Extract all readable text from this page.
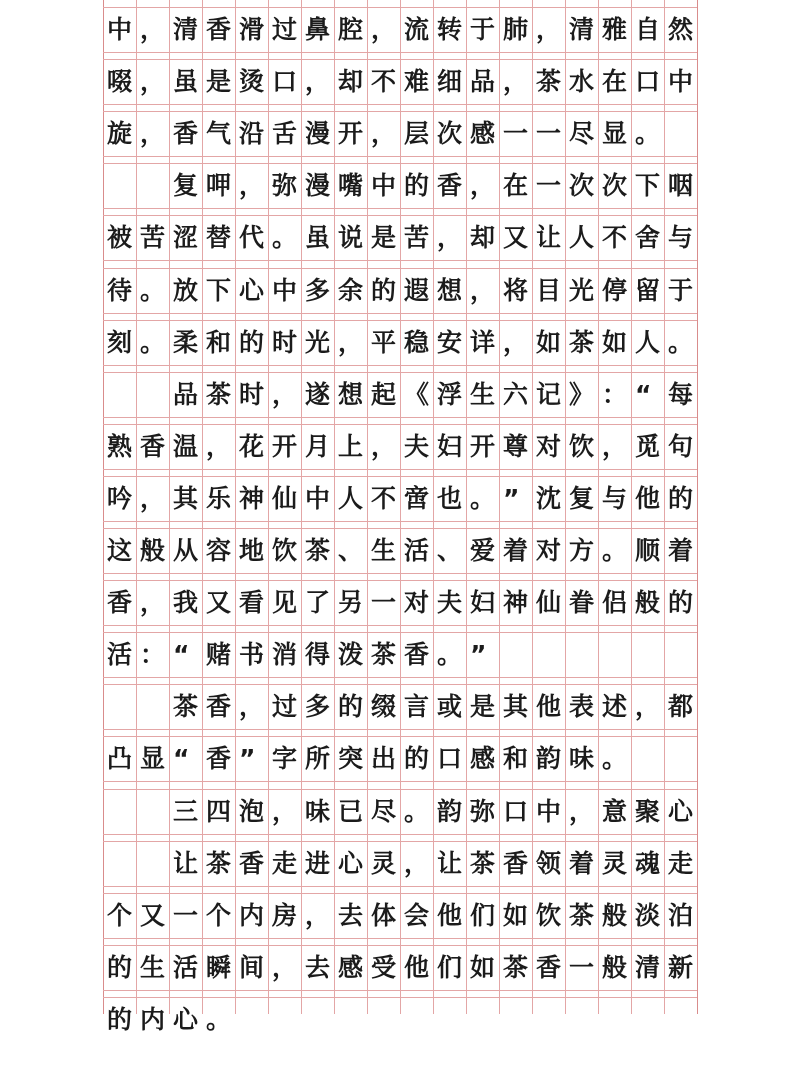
中 ， 清 香 滑 过 鼻 腔 ， 流 转 于 肺 ， 清 雅 自 然
啜 ， 虽 是 烫 口 ， 却 不 难 细 品 ， 茶 水 在 口 中
旋 ， 香 气 沿 舌 漫 开 ， 层 次 感 一 一 尽 显 。
复 呷 ， 弥 漫 嘴 中 的 香 ， 在 一 次 次 下 咽
被 苦 涩 替 代 。 虽 说 是 苦 ， 却 又 让 人 不 舍 与
待 。 放 下 心 中 多 余 的 遐 想 ， 将 目 光 停 留 于
刻 。 柔 和 的 时 光 ， 平 稳 安 详 ， 如 茶 如 人 。
品 茶 时 ， 遂 想 起 《 浮 生 六 记 》 ： “ 每
熟 香 温 ， 花 开 月 上 ， 夫 妇 开 尊 对 饮 ， 觅 句
吟 ， 其 乐 神 仙 中 人 不 啻 也 。 ” 沈 复 与 他 的
这 般 从 容 地 饮 茶 、 生 活 、 爱 着 对 方 。 顺 着
香 ， 我 又 看 见 了 另 一 对 夫 妇 神 仙 眷 侣 般 的
活 ： “ 赌 书 消 得 泼 茶 香 。 ”
茶 香 ， 过 多 的 缀 言 或 是 其 他 表 述 ， 都
凸 显 “ 香 ” 字 所 突 出 的 口 感 和 韵 味 。
三 四 泡 ， 味 已 尽 。 韵 弥 口 中 ， 意 聚 心
让 茶 香 走 进 心 灵 ， 让 茶 香 领 着 灵 魂 走
个 又 一 个 内 房 ， 去 体 会 他 们 如 饮 茶 般 淡 泊
的 生 活 瞬 间 ， 去 感 受 他 们 如 茶 香 一 般 清 新
的 内 心 。
